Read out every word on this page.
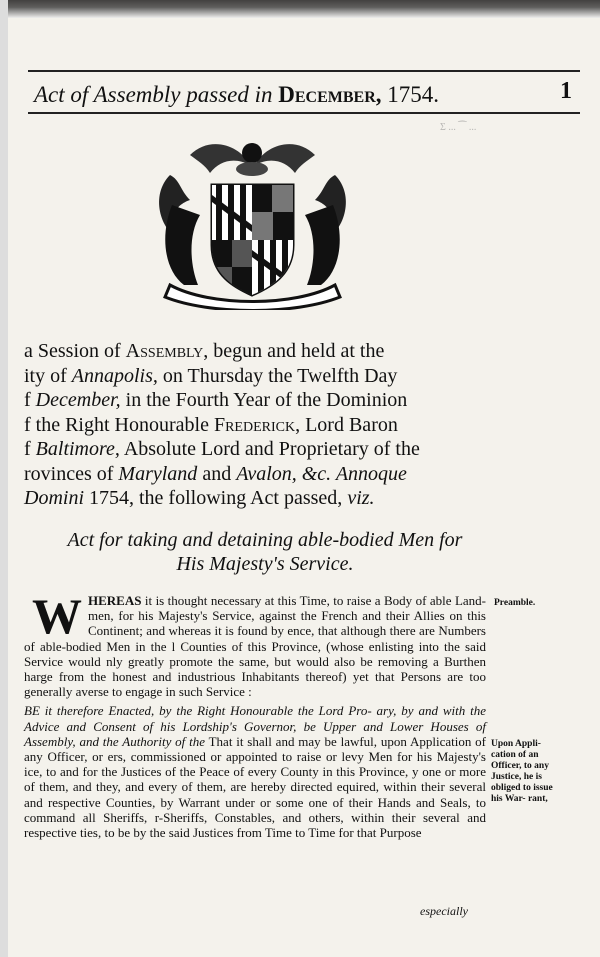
Σ ... ⁀ ...
Act of Assembly passed in December, 1754.	1

a Session of Assembly, begun and held at the

ity of Annapolis, on Thursday the Twelfth Day

f December, in the Fourth Year of the Dominion

f the Right Honourable Frederick, Lord Baron

f Baltimore, Absolute Lord and Proprietary of the

rovinces of Maryland and Avalon, &c. Annoque

Domini 1754, the following Act passed, viz.

Act for taking and detaining able-bodied Men for
His Majesty's Service.

WHEREAS it is thought necessary at this Time, to raise a Body of able Land-men, for his Majesty's Service, against the French and their Allies on this Continent; and whereas it is found by ence, that although there are Numbers of able-bodied Men in the l Counties of this Province, (whose enlisting into the said Service would nly greatly promote the same, but would also be removing a Burthen harge from the honest and industrious Inhabitants thereof) yet that Persons are too generally averse to engage in such Service :

BE it therefore Enacted, by the Right Honourable the Lord Pro- ary, by and with the Advice and Consent of his Lordship's Governor, be Upper and Lower Houses of Assembly, and the Authority of the That it shall and may be lawful, upon Application of any Officer, or ers, commissioned or appointed to raise or levy Men for his Majesty's ice, to and for the Justices of the Peace of every County in this Province, y one or more of them, and they, and every of them, are hereby directed equired, within their several and respective Counties, by Warrant under or some one of their Hands and Seals, to command all Sheriffs, r-Sheriffs, Constables, and others, within their several and respective ties, to be by the said Justices from Time to Time for that Purpose

especially
Preamble.
Upon Appli- cation of an Officer, to any Justice, he is obliged to issue his War- rant,
